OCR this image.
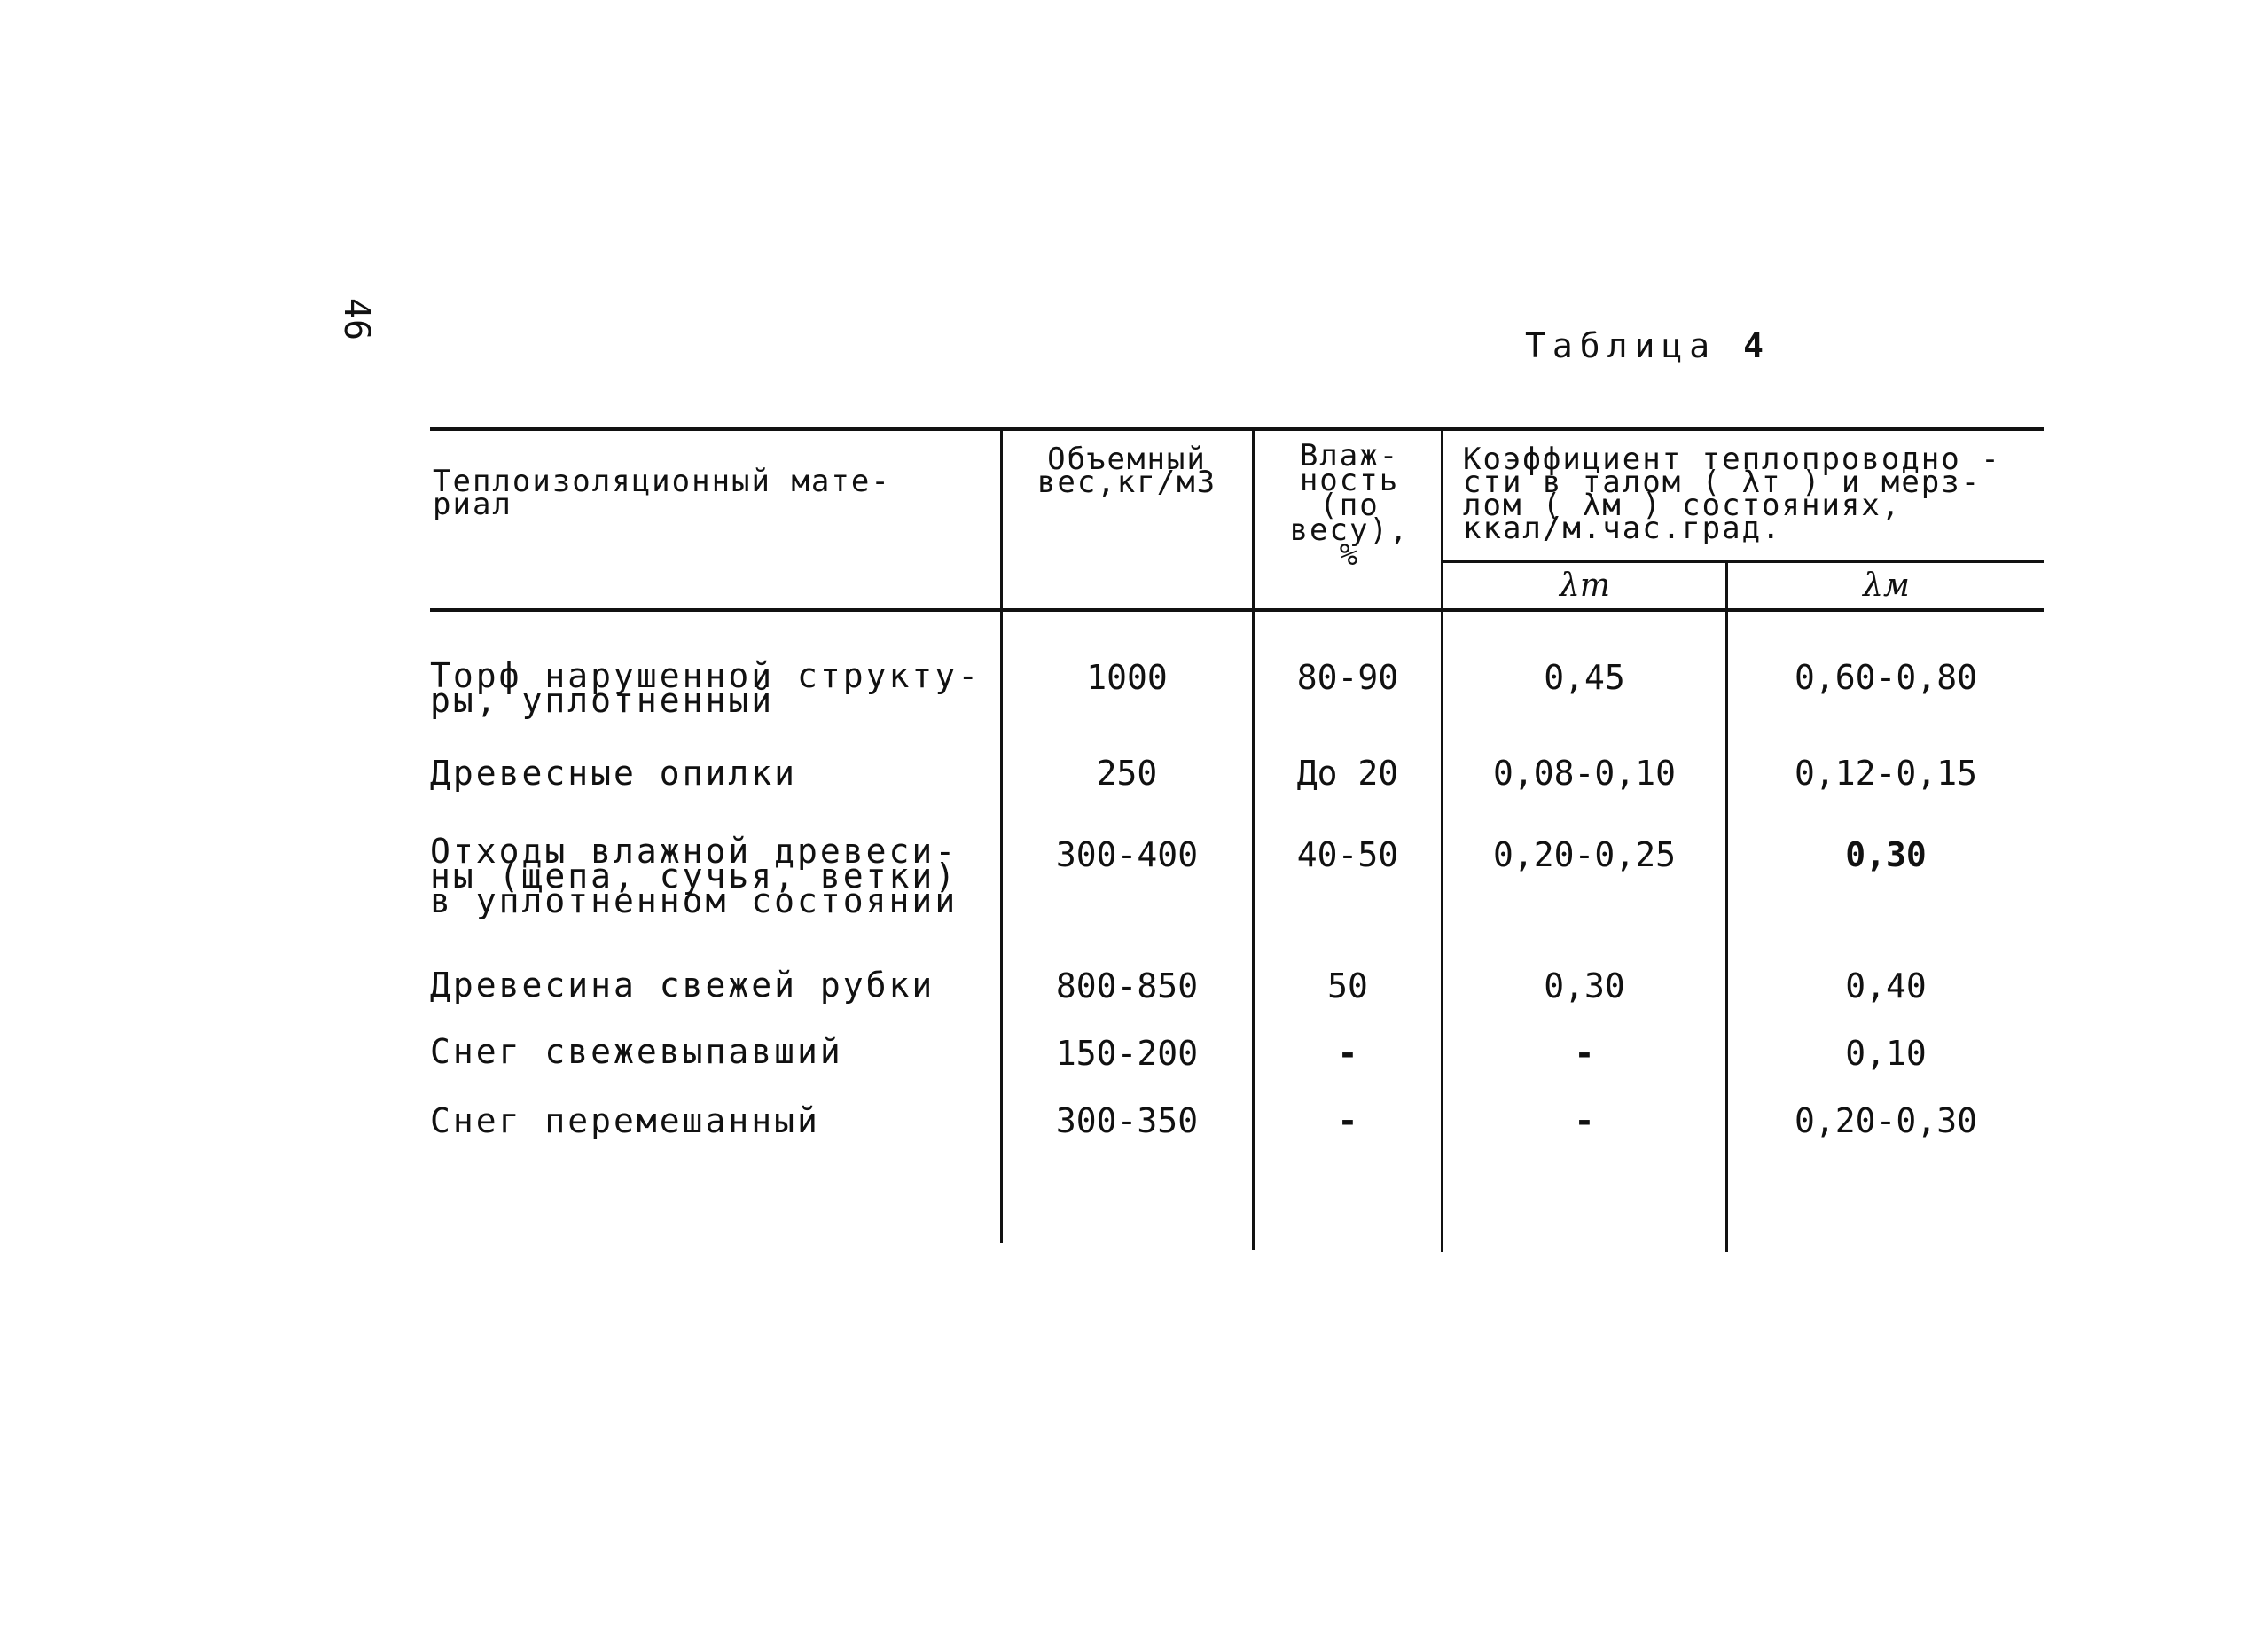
46
Таблица 4
Теплоизоляционный мате-
риал
Объемный
вес,кг/м3
Влаж-
ность
(по
весу),
%
Коэффициент теплопроводно -
сти в талом ( λт ) и мерз-
лом ( λм ) состояниях,
ккал/м.час.град.
λт	λм
Торф нарушенной структу-
ры, уплотненный
1000	80-90	0,45	0,60-0,80
Древесные опилки	250	До 20	0,08-0,10	0,12-0,15
Отходы влажной древеси-
ны (щепа, сучья, ветки)
в уплотненном состоянии
300-400	40-50	0,20-0,25	0,30
Древесина свежей рубки	800-850	50	0,30	0,40
Снег свежевыпавший	150-200	-	-	0,10
Снег перемешанный	300-350	-	-	0,20-0,30
